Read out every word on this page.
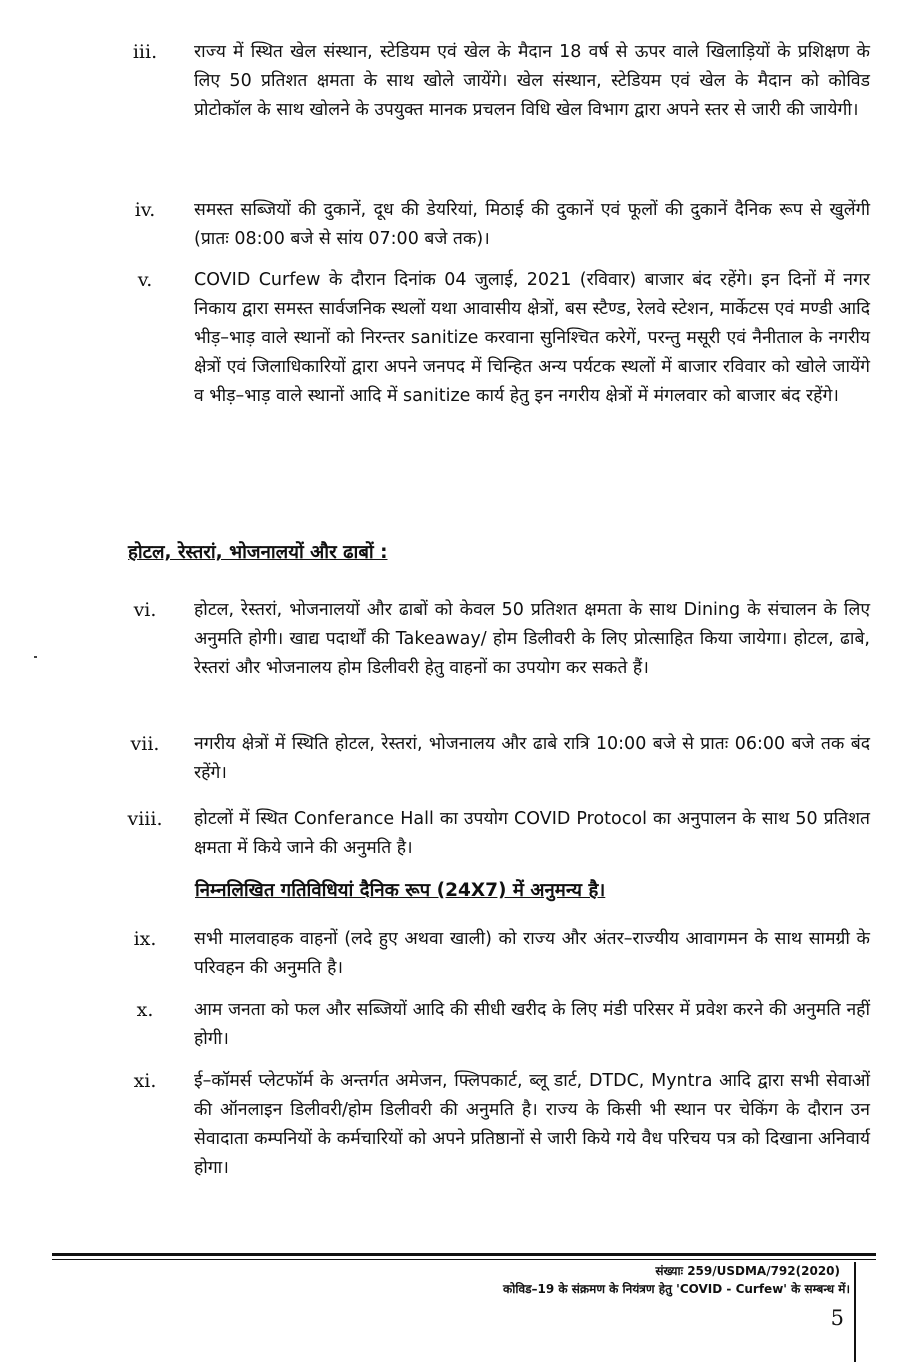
iii.	राज्य में स्थित खेल संस्थान, स्टेडियम एवं खेल के मैदान 18 वर्ष से ऊपर वाले खिलाड़ियों के प्रशिक्षण के लिए 50 प्रतिशत क्षमता के साथ खोले जायेंगे। खेल संस्थान, स्टेडियम एवं खेल के मैदान को कोविड प्रोटोकॉल के साथ खोलने के उपयुक्त मानक प्रचलन विधि खेल विभाग द्वारा अपने स्तर से जारी की जायेगी।
iv.	समस्त सब्जियों की दुकानें, दूध की डेयरियां, मिठाई की दुकानें एवं फूलों की दुकानें दैनिक रूप से खुलेंगी (प्रातः 08:00 बजे से सांय 07:00 बजे तक)।
v.	COVID Curfew के दौरान दिनांक 04 जुलाई, 2021 (रविवार) बाजार बंद रहेंगे। इन दिनों में नगर निकाय द्वारा समस्त सार्वजनिक स्थलों यथा आवासीय क्षेत्रों, बस स्टैण्ड, रेलवे स्टेशन, मार्केटस एवं मण्डी आदि भीड़–भाड़ वाले स्थानों को निरन्तर sanitize करवाना सुनिश्चित करेगें, परन्तु मसूरी एवं नैनीताल के नगरीय क्षेत्रों एवं जिलाधिकारियों द्वारा अपने जनपद में चिन्हित अन्य पर्यटक स्थलों में बाजार रविवार को खोले जायेंगे व भीड़–भाड़ वाले स्थानों आदि में sanitize कार्य हेतु इन नगरीय क्षेत्रों में मंगलवार को बाजार बंद रहेंगे।
होटल, रेस्तरां, भोजनालयों और ढाबों :
vi.	होटल, रेस्तरां, भोजनालयों और ढाबों को केवल 50 प्रतिशत क्षमता के साथ Dining के संचालन के लिए अनुमति होगी। खाद्य पदार्थों की Takeaway/ होम डिलीवरी के लिए प्रोत्साहित किया जायेगा। होटल, ढाबे, रेस्तरां और भोजनालय होम डिलीवरी हेतु वाहनों का उपयोग कर सकते हैं।
vii.	नगरीय क्षेत्रों में स्थिति होटल, रेस्तरां, भोजनालय और ढाबे रात्रि 10:00 बजे से प्रातः 06:00 बजे तक बंद रहेंगे।
viii.	होटलों में स्थित Conferance Hall का उपयोग COVID Protocol का अनुपालन के साथ 50 प्रतिशत क्षमता में किये जाने की अनुमति है।
निम्नलिखित गतिविधियां दैनिक रूप (24X7) में अनुमन्य है।
ix.	सभी मालवाहक वाहनों (लदे हुए अथवा खाली) को राज्य और अंतर–राज्यीय आवागमन के साथ सामग्री के परिवहन की अनुमति है।
x.	आम जनता को फल और सब्जियों आदि की सीधी खरीद के लिए मंडी परिसर में प्रवेश करने की अनुमति नहीं होगी।
xi.	ई–कॉमर्स प्लेटफॉर्म के अन्तर्गत अमेजन, फ्लिपकार्ट, ब्लू डार्ट, DTDC, Myntra आदि द्वारा सभी सेवाओं की ऑनलाइन डिलीवरी/होम डिलीवरी की अनुमति है। राज्य के किसी भी स्थान पर चेकिंग के दौरान उन सेवादाता कम्पनियों के कर्मचारियों को अपने प्रतिष्ठानों से जारी किये गये वैध परिचय पत्र को दिखाना अनिवार्य होगा।
संख्याः 259/USDMA/792(2020)
कोविड–19 के संक्रमण के नियंत्रण हेतु 'COVID - Curfew' के सम्बन्ध में।
5
